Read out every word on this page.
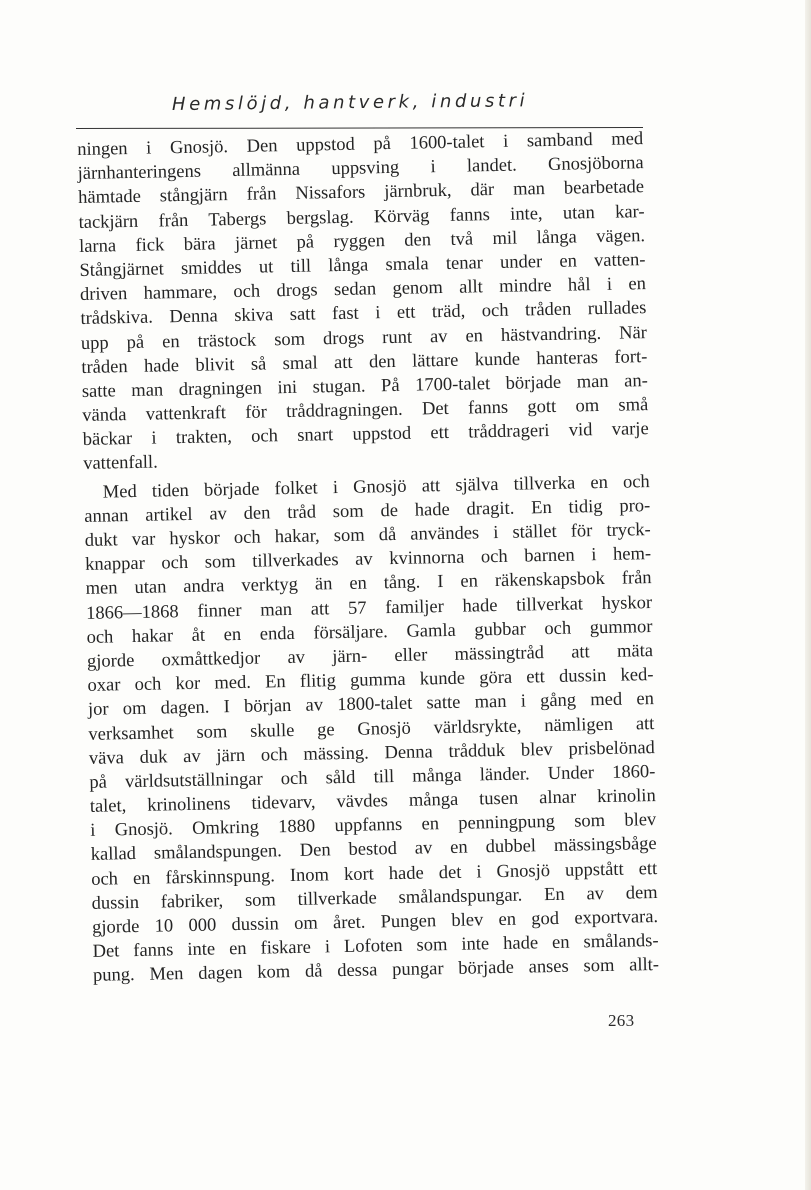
Hemslöjd, hantverk, industri
ningen i Gnosjö. Den uppstod på 1600-talet i samband med
järnhanteringens allmänna uppsving i landet. Gnosjöborna
hämtade stångjärn från Nissafors järnbruk, där man bearbetade
tackjärn från Tabergs bergslag. Körväg fanns inte, utan kar-
larna fick bära järnet på ryggen den två mil långa vägen.
Stångjärnet smiddes ut till långa smala tenar under en vatten-
driven hammare, och drogs sedan genom allt mindre hål i en
trådskiva. Denna skiva satt fast i ett träd, och tråden rullades
upp på en trästock som drogs runt av en hästvandring. När
tråden hade blivit så smal att den lättare kunde hanteras fort-
satte man dragningen ini stugan. På 1700-talet började man an-
vända vattenkraft för tråddragningen. Det fanns gott om små
bäckar i trakten, och snart uppstod ett tråddrageri vid varje
vattenfall.
Med tiden började folket i Gnosjö att själva tillverka en och
annan artikel av den tråd som de hade dragit. En tidig pro-
dukt var hyskor och hakar, som då användes i stället för tryck-
knappar och som tillverkades av kvinnorna och barnen i hem-
men utan andra verktyg än en tång. I en räkenskapsbok från
1866—1868 finner man att 57 familjer hade tillverkat hyskor
och hakar åt en enda försäljare. Gamla gubbar och gummor
gjorde oxmåttkedjor av järn- eller mässingtråd att mäta
oxar och kor med. En flitig gumma kunde göra ett dussin ked-
jor om dagen. I början av 1800-talet satte man i gång med en
verksamhet som skulle ge Gnosjö världsrykte, nämligen att
väva duk av järn och mässing. Denna trådduk blev prisbelönad
på världsutställningar och såld till många länder. Under 1860-
talet, krinolinens tidevarv, vävdes många tusen alnar krinolin
i Gnosjö. Omkring 1880 uppfanns en penningpung som blev
kallad smålandspungen. Den bestod av en dubbel mässingsbåge
och en fårskinnspung. Inom kort hade det i Gnosjö uppstått ett
dussin fabriker, som tillverkade smålandspungar. En av dem
gjorde 10 000 dussin om året. Pungen blev en god exportvara.
Det fanns inte en fiskare i Lofoten som inte hade en smålands-
pung. Men dagen kom då dessa pungar började anses som allt-
263
